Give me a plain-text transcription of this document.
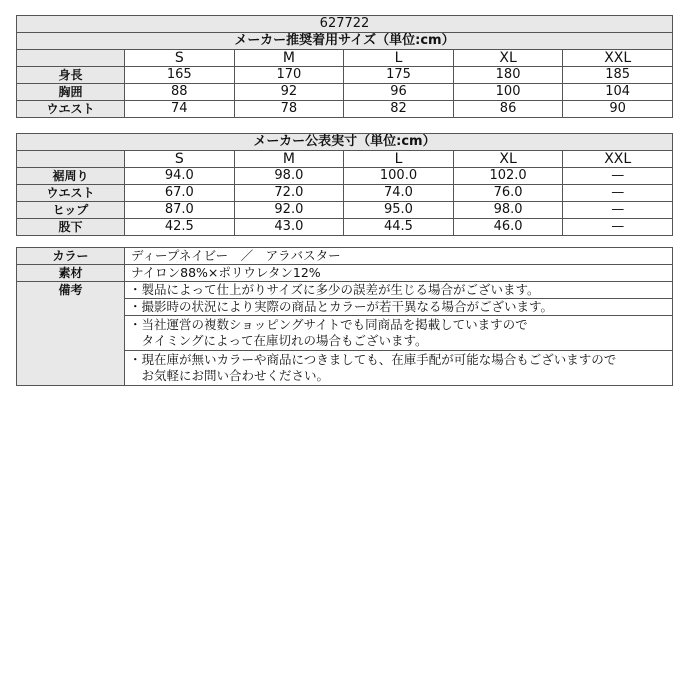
627722					
メーカー推奨着用サイズ（単位:cm）					
	S	M	L	XL	XXL
身長	165	170	175	180	185
胸囲	88	92	96	100	104
ウエスト	74	78	82	86	90
メーカー公表実寸（単位:cm）					
	S	M	L	XL	XXL
裾周り	94.0	98.0	100.0	102.0	—
ウエスト	67.0	72.0	74.0	76.0	—
ヒップ	87.0	92.0	95.0	98.0	—
股下	42.5	43.0	44.5	46.0	—
カラー	ディープネイビー　／　アラバスター
素材	ナイロン88%×ポリウレタン12%
備考	・製品によって仕上がりサイズに多少の誤差が生じる場合がございます。

	・撮影時の状況により実際の商品とカラーが若干異なる場合がございます。

	・当社運営の複数ショッピングサイトでも同商品を掲載していますので
　タイミングによって在庫切れの場合もございます。

	・現在庫が無いカラーや商品につきましても、在庫手配が可能な場合もございますので
　お気軽にお問い合わせください。
